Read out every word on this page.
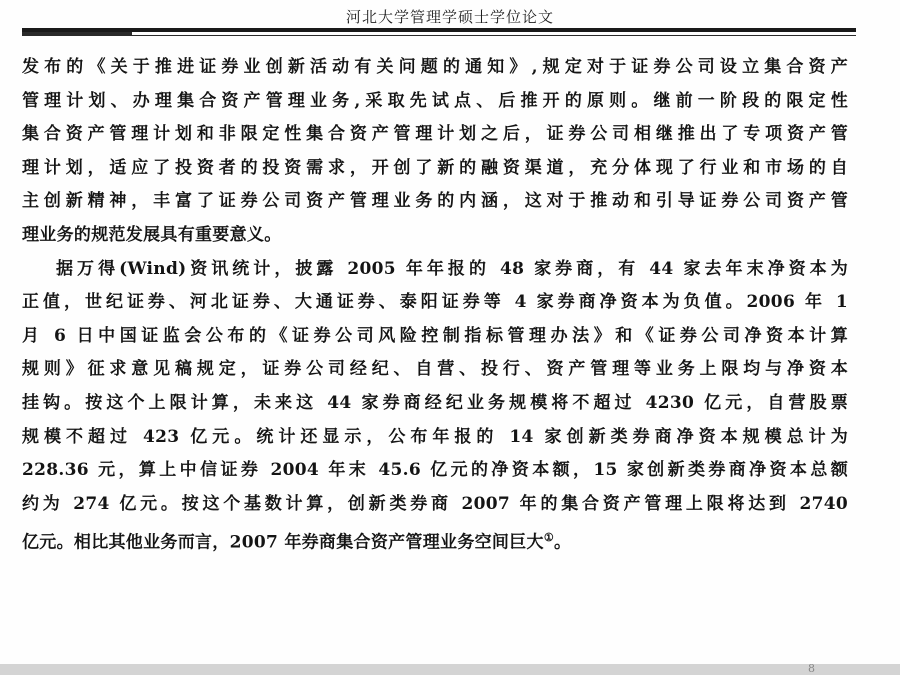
河北大学管理学硕士学位论文

发布的《关于推进证券业创新活动有关问题的通知》,规定对于证券公司设立集合资产

管理计划、办理集合资产管理业务,采取先试点、后推开的原则。继前一阶段的限定性

集合资产管理计划和非限定性集合资产管理计划之后，证券公司相继推出了专项资产管

理计划，适应了投资者的投资需求，开创了新的融资渠道，充分体现了行业和市场的自

主创新精神，丰富了证券公司资产管理业务的内涵，这对于推动和引导证券公司资产管

理业务的规范发展具有重要意义。

据万得(Wind)资讯统计，披露 2005 年年报的 48 家券商，有 44 家去年末净资本为

正值，世纪证券、河北证券、大通证券、泰阳证券等 4 家券商净资本为负值。2006 年 1

月 6 日中国证监会公布的《证券公司风险控制指标管理办法》和《证券公司净资本计算

规则》征求意见稿规定，证券公司经纪、自营、投行、资产管理等业务上限均与净资本

挂钩。按这个上限计算，未来这 44 家券商经纪业务规模将不超过 4230 亿元，自营股票

规模不超过 423 亿元。统计还显示，公布年报的 14 家创新类券商净资本规模总计为

228.36 元，算上中信证券 2004 年末 45.6 亿元的净资本额，15 家创新类券商净资本总额

约为 274 亿元。按这个基数计算，创新类券商 2007 年的集合资产管理上限将达到 2740

亿元。相比其他业务而言，2007 年券商集合资产管理业务空间巨大①。

8
